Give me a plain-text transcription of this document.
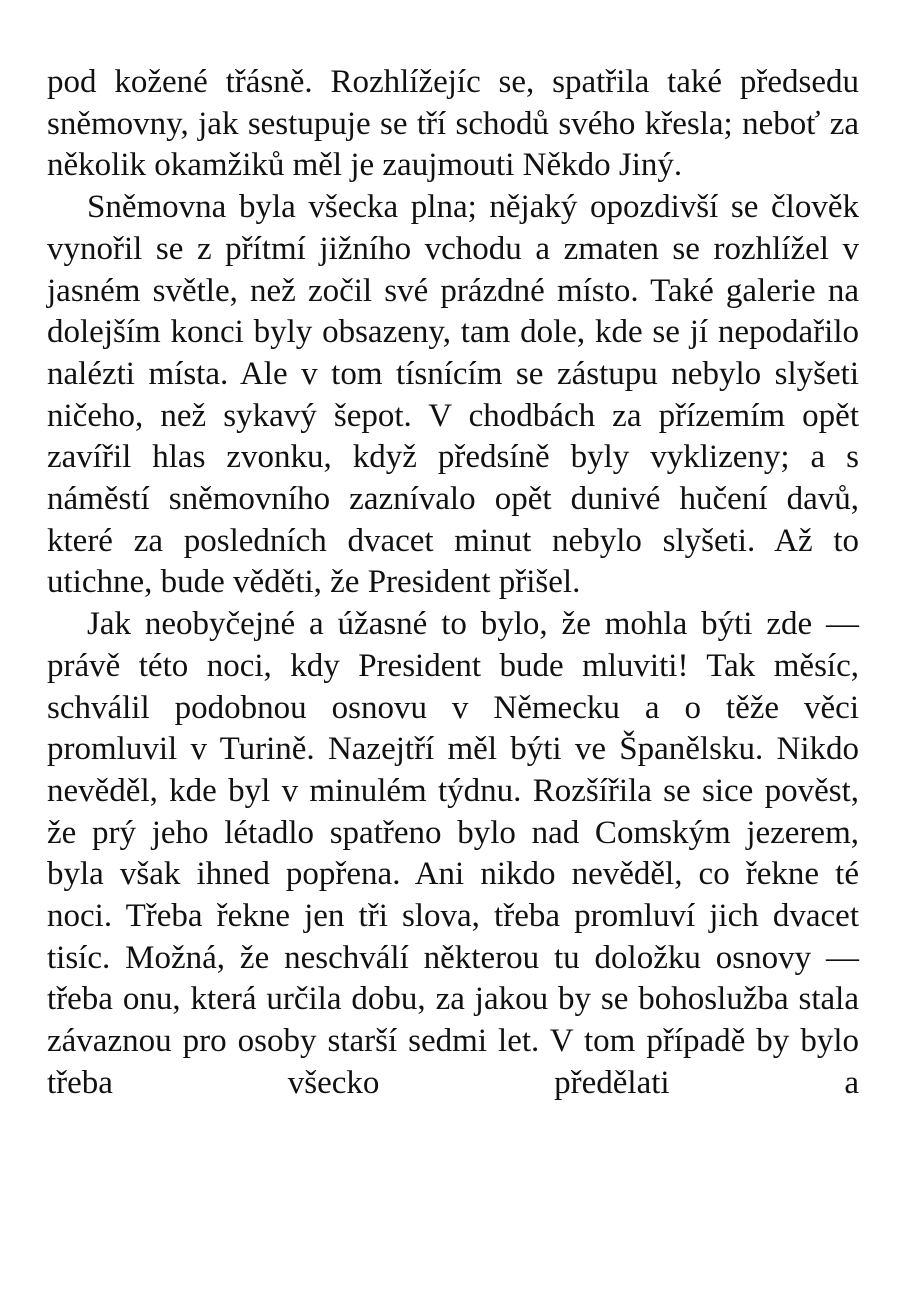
pod kožené třásně. Rozhlížejíc se, spatřila také předsedu sněmovny, jak sestupuje se tří schodů svého křesla; neboť za několik okamžiků měl je zaujmouti Někdo Jiný.

Sněmovna byla všecka plna; nějaký opozdivší se člověk vynořil se z přítmí jižního vchodu a zmaten se rozhlížel v jasném světle, než zočil své prázdné místo. Také galerie na dolejším konci byly obsazeny, tam dole, kde se jí nepodařilo nalézti místa. Ale v tom tísnícím se zástupu nebylo slyšeti ničeho, než sykavý šepot. V chodbách za přízemím opět zavířil hlas zvonku, když předsíně byly vyklizeny; a s náměstí sněmovního zaznívalo opět dunivé hučení davů, které za posledních dvacet minut nebylo slyšeti. Až to utichne, bude věděti, že President přišel.

Jak neobyčejné a úžasné to bylo, že mohla býti zde — právě této noci, kdy President bude mluviti! Tak měsíc, schválil podobnou osnovu v Německu a o těže věci promluvil v Turině. Nazejtří měl býti ve Španělsku. Nikdo nevěděl, kde byl v minulém týdnu. Rozšířila se sice pověst, že prý jeho létadlo spatřeno bylo nad Comským jezerem, byla však ihned popřena. Ani nikdo nevěděl, co řekne té noci. Třeba řekne jen tři slova, třeba promluví jich dvacet tisíc. Možná, že neschválí některou tu doložku osnovy — třeba onu, která určila dobu, za jakou by se bohoslužba stala závaznou pro osoby starší sedmi let. V tom případě by bylo třeba všecko předělati a
